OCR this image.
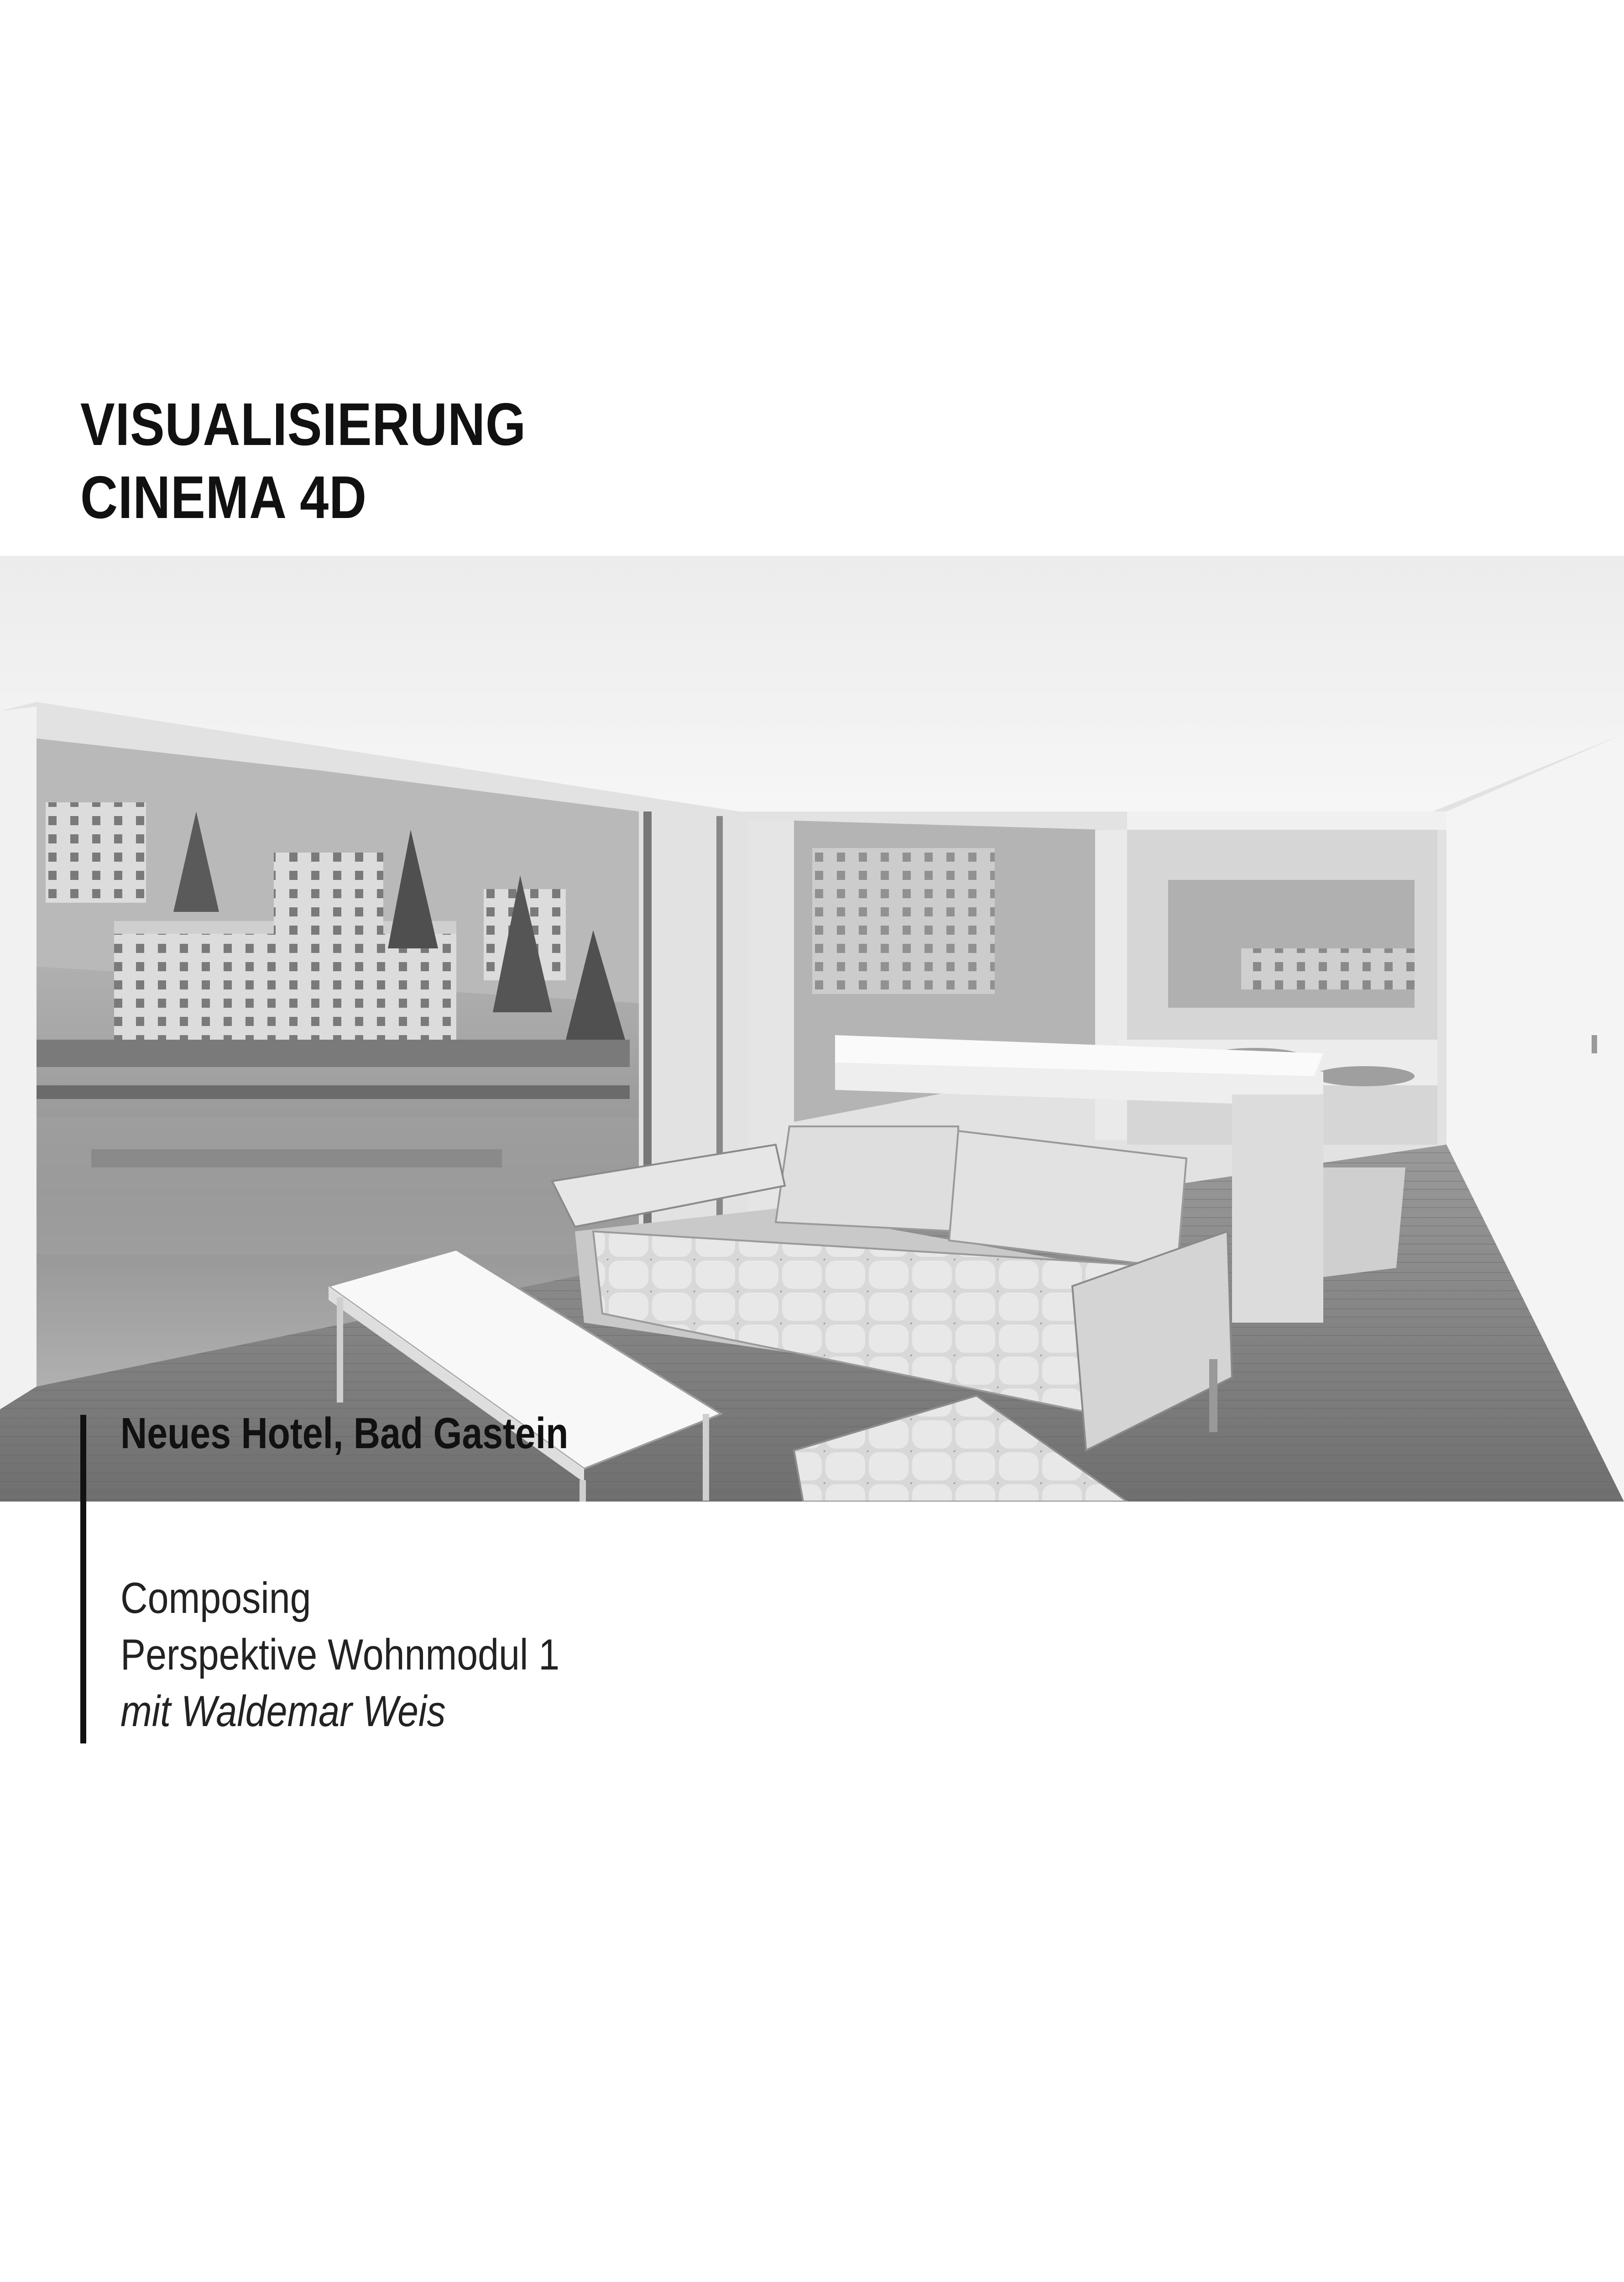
VISUALISIERUNG
CINEMA 4D
Neues Hotel, Bad Gastein
Composing
Perspektive Wohnmodul 1
mit Waldemar Weis
